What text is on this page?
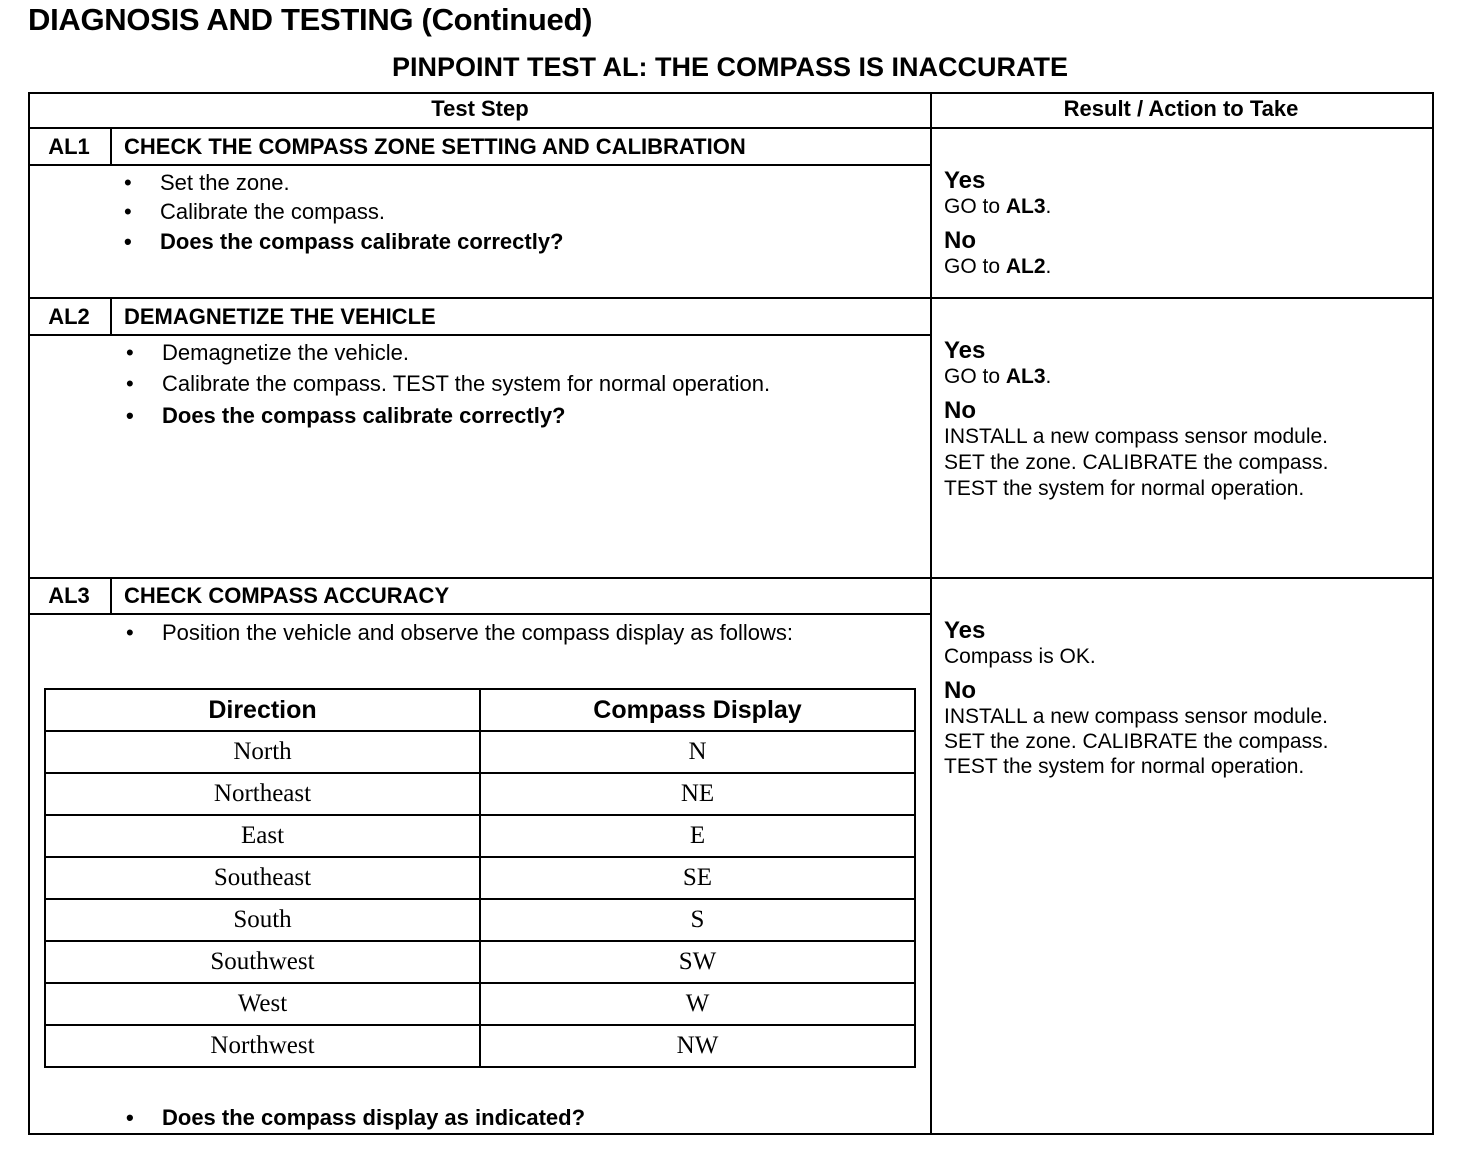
DIAGNOSIS AND TESTING (Continued)
PINPOINT TEST AL: THE COMPASS IS INACCURATE
Test Step	Result / Action to Take
AL1	CHECK THE COMPASS ZONE SETTING AND CALIBRATION
• Set the zone.
• Calibrate the compass.
• Does the compass calibrate correctly?
Yes
GO to AL3.
No
GO to AL2.
AL2	DEMAGNETIZE THE VEHICLE
• Demagnetize the vehicle.
• Calibrate the compass. TEST the system for normal operation.
• Does the compass calibrate correctly?
Yes
GO to AL3.
No
INSTALL a new compass sensor module.
SET the zone. CALIBRATE the compass.
TEST the system for normal operation.
AL3	CHECK COMPASS ACCURACY
• Position the vehicle and observe the compass display as follows:
Direction	Compass Display
North	N
Northeast	NE
East	E
Southeast	SE
South	S
Southwest	SW
West	W
Northwest	NW
• Does the compass display as indicated?
Yes
Compass is OK.
No
INSTALL a new compass sensor module.
SET the zone. CALIBRATE the compass.
TEST the system for normal operation.
